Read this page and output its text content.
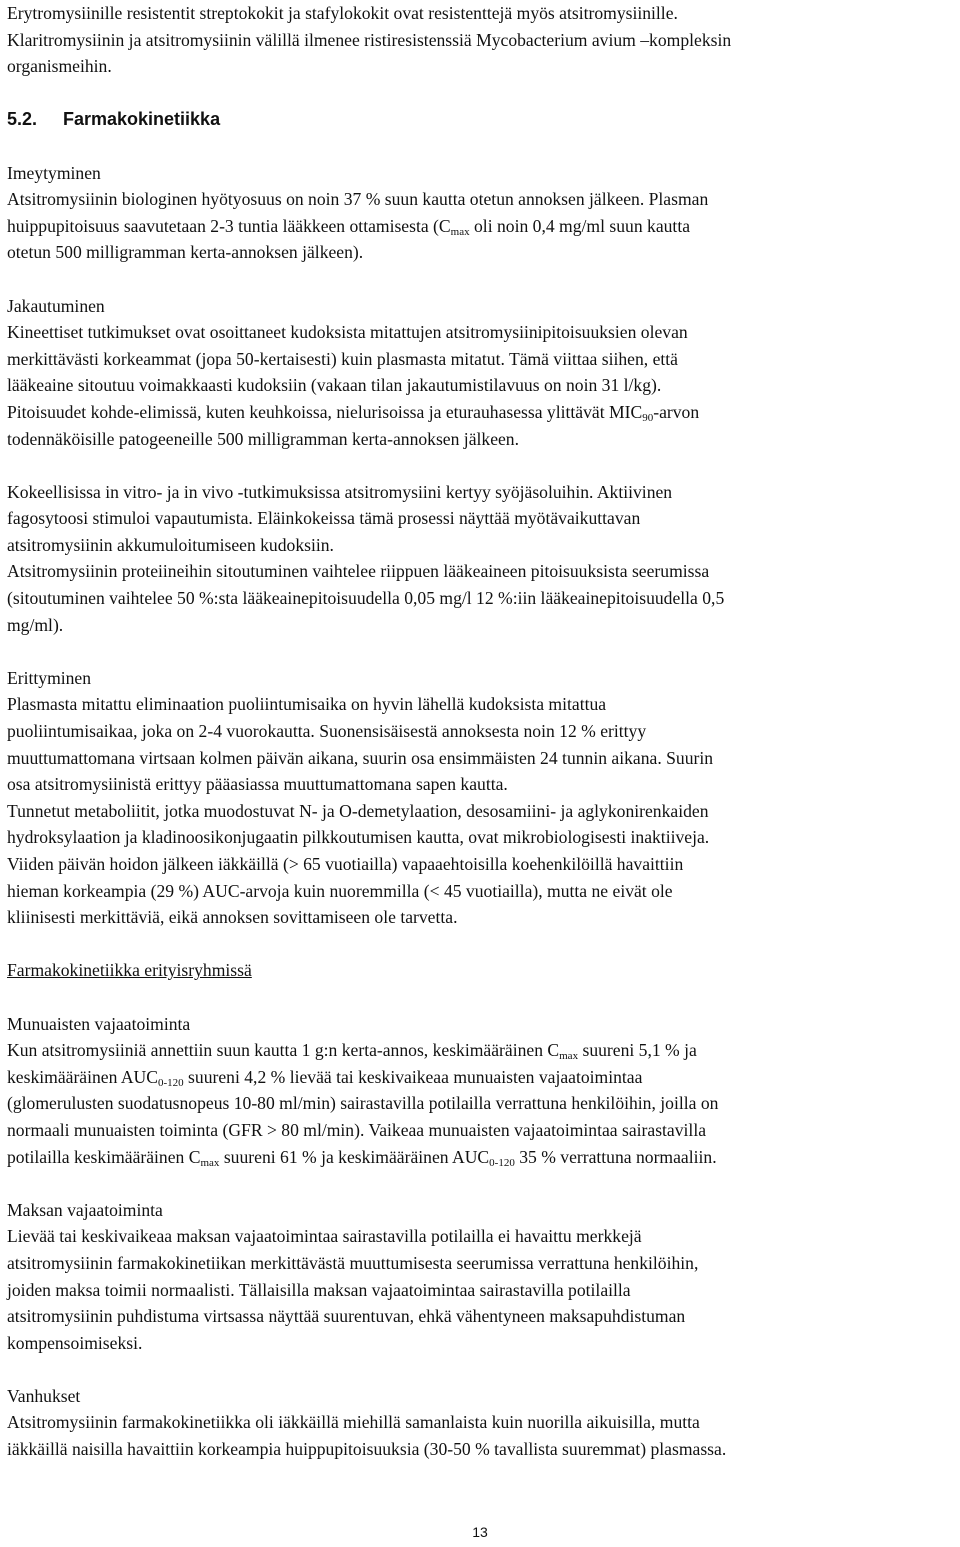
Erytromysiinille resistentit streptokokit ja stafylokokit ovat resistenttejä myös atsitromysiinille.
Klaritromysiinin ja atsitromysiinin välillä ilmenee ristiresistenssiä Mycobacterium avium –kompleksin
organismeihin.
5.2. Farmakokinetiikka
Imeytyminen
Atsitromysiinin biologinen hyötyosuus on noin 37 % suun kautta otetun annoksen jälkeen. Plasman
huippupitoisuus saavutetaan 2-3 tuntia lääkkeen ottamisesta ($C_{max}$ oli noin 0,4 mg/ml suun kautta
otetun 500 milligramman kerta-annoksen jälkeen).
Jakautuminen
Kineettiset tutkimukset ovat osoittaneet kudoksista mitattujen atsitromysiinipitoisuuksien olevan
merkittävästi korkeammat (jopa 50-kertaisesti) kuin plasmasta mitatut. Tämä viittaa siihen, että
lääkeaine sitoutuu voimakkaasti kudoksiin (vakaan tilan jakautumistilavuus on noin 31 l/kg).
Pitoisuudet kohde-elimissä, kuten keuhkoissa, nielurisoissa ja eturauhasessa ylittävät $MIC_{90}$-arvon
todennäköisille patogeeneille 500 milligramman kerta-annoksen jälkeen.
Kokeellisissa in vitro- ja in vivo -tutkimuksissa atsitromysiini kertyy syöjäsoluihin. Aktiivinen
fagosytoosi stimuloi vapautumista. Eläinkokeissa tämä prosessi näyttää myötävaikuttavan
atsitromysiinin akkumuloitumiseen kudoksiin.
Atsitromysiinin proteiineihin sitoutuminen vaihtelee riippuen lääkeaineen pitoisuuksista seerumissa
(sitoutuminen vaihtelee 50 %:sta lääkeainepitoisuudella 0,05 mg/l 12 %:iin lääkeainepitoisuudella 0,5
mg/ml).
Erittyminen
Plasmasta mitattu eliminaation puoliintumisaika on hyvin lähellä kudoksista mitattua
puoliintumisaikaa, joka on 2-4 vuorokautta. Suonensisäisestä annoksesta noin 12 % erittyy
muuttumattomana virtsaan kolmen päivän aikana, suurin osa ensimmäisten 24 tunnin aikana. Suurin
osa atsitromysiinistä erittyy pääasiassa muuttumattomana sapen kautta.
Tunnetut metaboliitit, jotka muodostuvat N- ja O-demetylaation, desosamiini- ja aglykonirenkaiden
hydroksylaation ja kladinoosikonjugaatin pilkkoutumisen kautta, ovat mikrobiologisesti inaktiiveja.
Viiden päivän hoidon jälkeen iäkkäillä (> 65 vuotiailla) vapaaehtoisilla koehenkilöillä havaittiin
hieman korkeampia (29 %) AUC-arvoja kuin nuoremmilla (< 45 vuotiailla), mutta ne eivät ole
kliinisesti merkittäviä, eikä annoksen sovittamiseen ole tarvetta.
Farmakokinetiikka erityisryhmissä
Munuaisten vajaatoiminta
Kun atsitromysiiniä annettiin suun kautta 1 g:n kerta-annos, keskimääräinen $C_{max}$ suureni 5,1 % ja
keskimääräinen $AUC_{0-120}$ suureni 4,2 % lievää tai keskivaikeaa munuaisten vajaatoimintaa
(glomerulusten suodatusnopeus 10-80 ml/min) sairastavilla potilailla verrattuna henkilöihin, joilla on
normaali munuaisten toiminta (GFR > 80 ml/min). Vaikeaa munuaisten vajaatoimintaa sairastavilla
potilailla keskimääräinen $C_{max}$ suureni 61 % ja keskimääräinen $AUC_{0-120}$ 35 % verrattuna normaaliin.
Maksan vajaatoiminta
Lievää tai keskivaikeaa maksan vajaatoimintaa sairastavilla potilailla ei havaittu merkkejä
atsitromysiinin farmakokinetiikan merkittävästä muuttumisesta seerumissa verrattuna henkilöihin,
joiden maksa toimii normaalisti. Tällaisilla maksan vajaatoimintaa sairastavilla potilailla
atsitromysiinin puhdistuma virtsassa näyttää suurentuvan, ehkä vähentyneen maksapuhdistuman
kompensoimiseksi.
Vanhukset
Atsitromysiinin farmakokinetiikka oli iäkkäillä miehillä samanlaista kuin nuorilla aikuisilla, mutta
iäkkäillä naisilla havaittiin korkeampia huippupitoisuuksia (30-50 % tavallista suuremmat) plasmassa.
13
